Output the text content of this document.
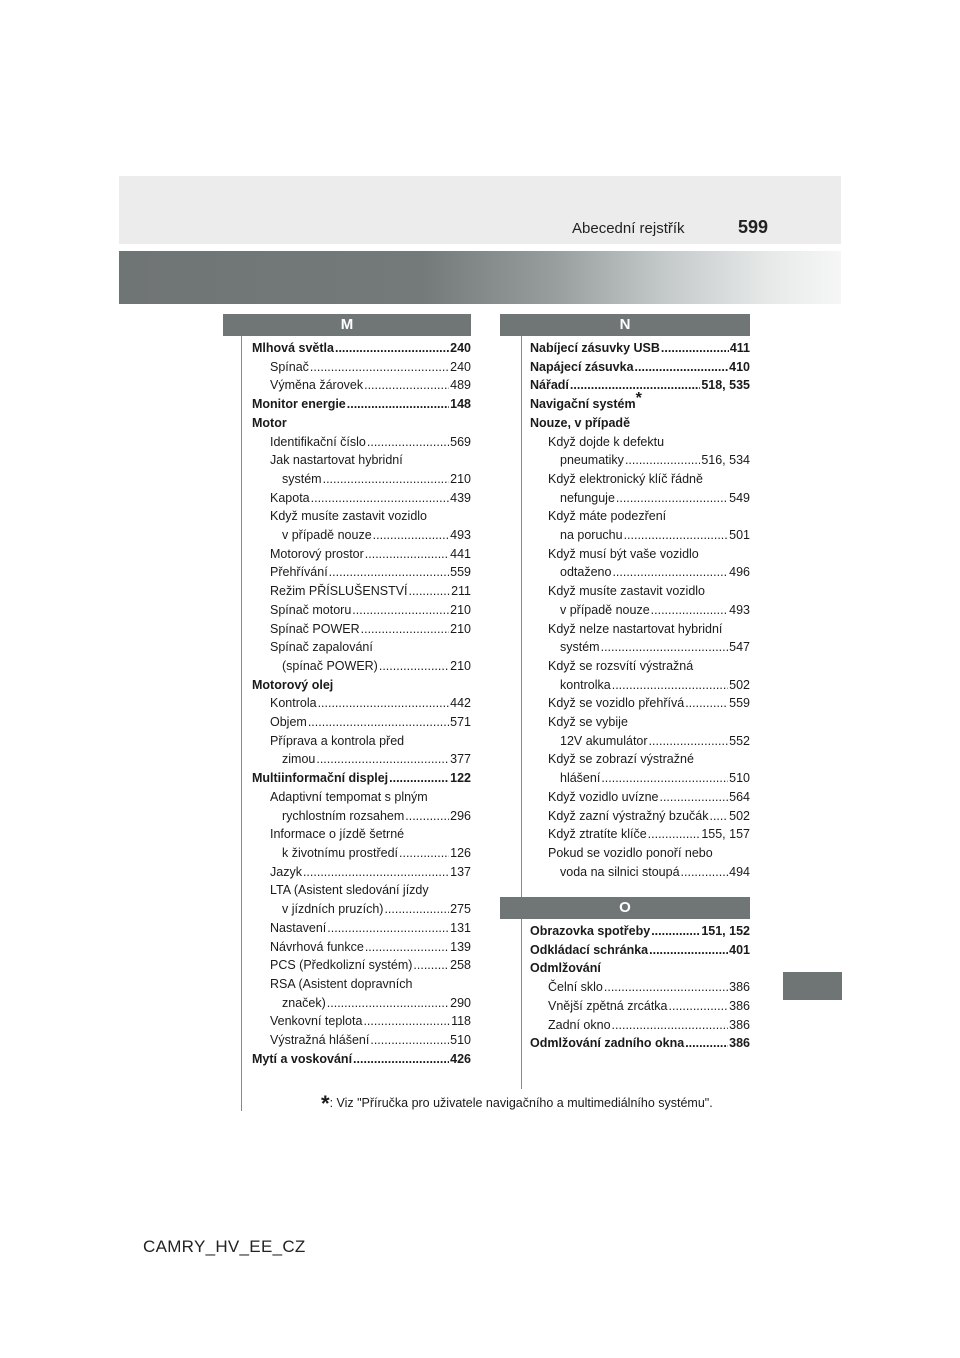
Abecední rejstřík	599
M	N
O
Mlhová světla .....	240
Spínač .....	240
Výměna žárovek .....	489
Monitor energie .....	148
Motor
Identifikační číslo .....	569
Jak nastartovat hybridní
systém .....	210
Kapota .....	439
Když musíte zastavit vozidlo
v případě nouze .....	493
Motorový prostor .....	441
Přehřívání .....	559
Režim PŘÍSLUŠENSTVÍ .....	211
Spínač motoru .....	210
Spínač POWER .....	210
Spínač zapalování
(spínač POWER) .....	210
Motorový olej
Kontrola .....	442
Objem .....	571
Příprava a kontrola před
zimou .....	377
Multiinformační displej .....	122
Adaptivní tempomat s plným
rychlostním rozsahem .....	296
Informace o jízdě šetrné
k životnímu prostředí .....	126
Jazyk .....	137
LTA (Asistent sledování jízdy
v jízdních pruzích) .....	275
Nastavení .....	131
Návrhová funkce .....	139
PCS (Předkolizní systém) .....	258
RSA (Asistent dopravních
značek) .....	290
Venkovní teplota .....	118
Výstražná hlášení .....	510
Mytí a voskování .....	426
Nabíjecí zásuvky USB .....	411
Napájecí zásuvka .....	410
Nářadí .....	518, 535
Navigační systém*
Nouze, v případě
Když dojde k defektu
pneumatiky .....	516, 534
Když elektronický klíč řádně
nefunguje .....	549
Když máte podezření
na poruchu .....	501
Když musí být vaše vozidlo
odtaženo .....	496
Když musíte zastavit vozidlo
v případě nouze .....	493
Když nelze nastartovat hybridní
systém .....	547
Když se rozsvítí výstražná
kontrolka .....	502
Když se vozidlo přehřívá .....	559
Když se vybije
12V akumulátor .....	552
Když se zobrazí výstražné
hlášení .....	510
Když vozidlo uvízne .....	564
Když zazní výstražný bzučák ..... 502
Když ztratíte klíče .....	155, 157
Pokud se vozidlo ponoří nebo
voda na silnici stoupá .....	494
Obrazovka spotřeby .....	151, 152
Odkládací schránka .....	401
Odmlžování
Čelní sklo .....	386
Vnější zpětná zrcátka .....	386
Zadní okno .....	386
Odmlžování zadního okna .....	386
*: Viz "Příručka pro uživatele navigačního a multimediálního systému".
CAMRY_HV_EE_CZ
